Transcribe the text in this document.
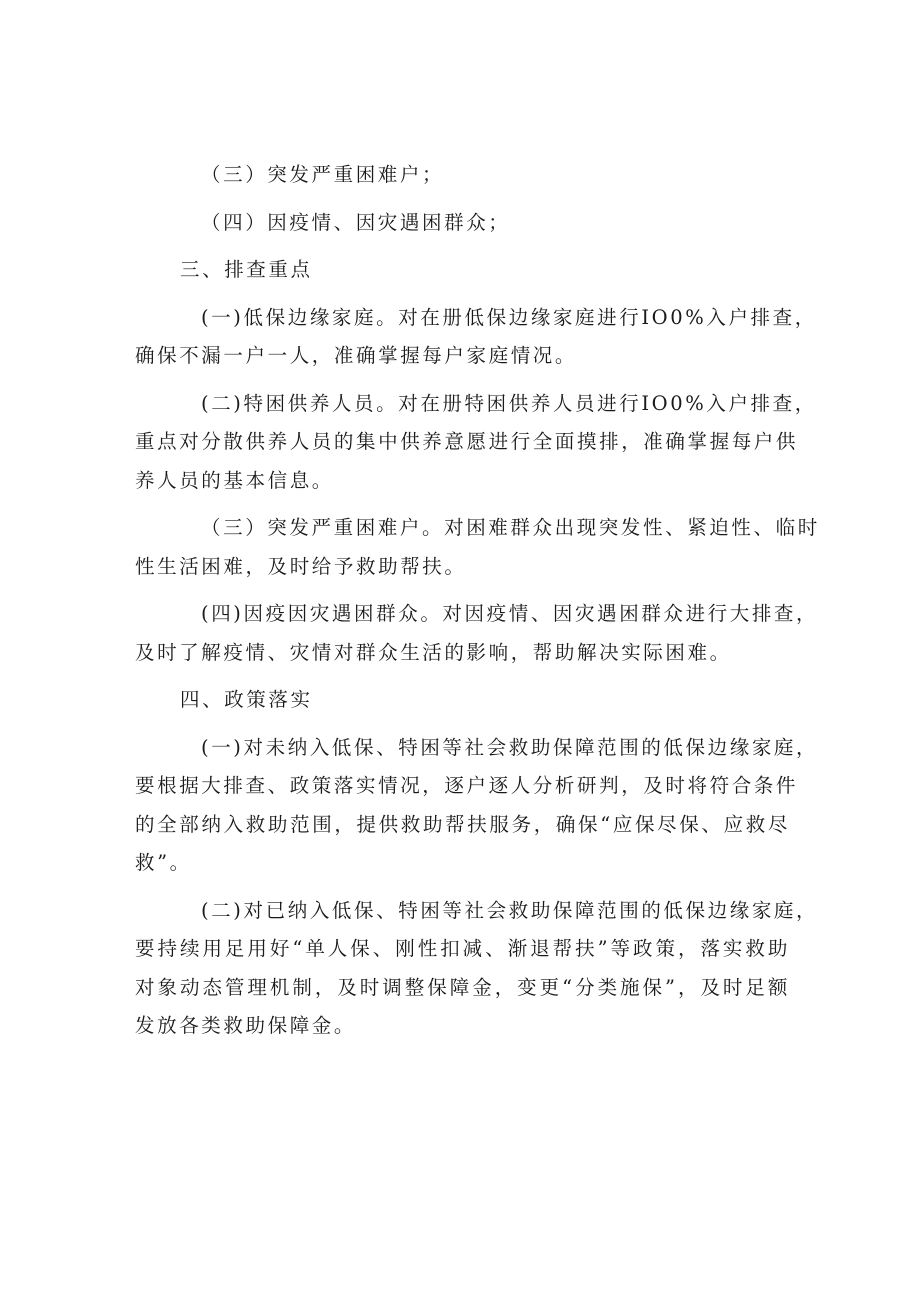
（三）突发严重困难户；

（四）因疫情、因灾遇困群众；

三、排查重点

(一)低保边缘家庭。对在册低保边缘家庭进行IO0%入户排查，
确保不漏一户一人，准确掌握每户家庭情况。

(二)特困供养人员。对在册特困供养人员进行IO0%入户排查，
重点对分散供养人员的集中供养意愿进行全面摸排，准确掌握每户供
养人员的基本信息。

（三）突发严重困难户。对困难群众出现突发性、紧迫性、临时
性生活困难，及时给予救助帮扶。

(四)因疫因灾遇困群众。对因疫情、因灾遇困群众进行大排查，
及时了解疫情、灾情对群众生活的影响，帮助解决实际困难。

四、政策落实

(一)对未纳入低保、特困等社会救助保障范围的低保边缘家庭，
要根据大排查、政策落实情况，逐户逐人分析研判，及时将符合条件
的全部纳入救助范围，提供救助帮扶服务，确保“应保尽保、应救尽
救”。

(二)对已纳入低保、特困等社会救助保障范围的低保边缘家庭，
要持续用足用好“单人保、刚性扣减、渐退帮扶”等政策，落实救助
对象动态管理机制，及时调整保障金，变更“分类施保”，及时足额
发放各类救助保障金。
